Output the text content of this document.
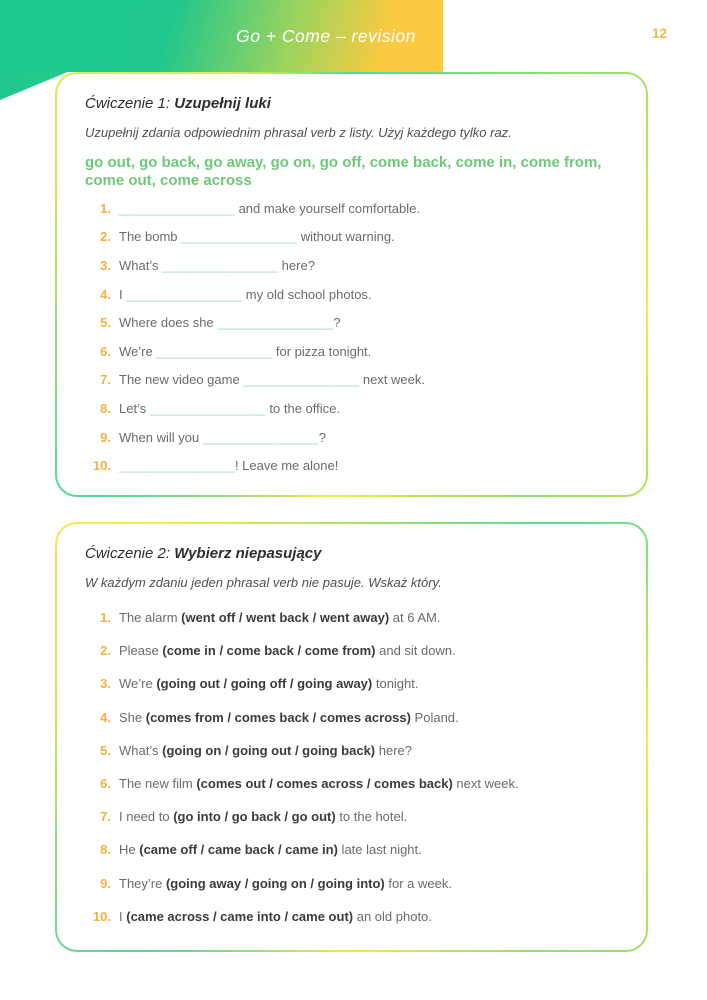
Go + Come – revision	12
Ćwiczenie 1: Uzupełnij luki
Uzupełnij zdania odpowiednim phrasal verb z listy. Użyj każdego tylko raz.
go out, go back, go away, go on, go off, come back, come in, come from, come out, come across
1. _______________ and make yourself comfortable.
2. The bomb _______________ without warning.
3. What’s _______________ here?
4. I _______________ my old school photos.
5. Where does she _______________?
6. We’re _______________ for pizza tonight.
7. The new video game _______________ next week.
8. Let’s _______________ to the office.
9. When will you _______________?
10. _______________! Leave me alone!
Ćwiczenie 2: Wybierz niepasujący
W każdym zdaniu jeden phrasal verb nie pasuje. Wskaż który.
1. The alarm (went off / went back / went away) at 6 AM.
2. Please (come in / come back / come from) and sit down.
3. We’re (going out / going off / going away) tonight.
4. She (comes from / comes back / comes across) Poland.
5. What’s (going on / going out / going back) here?
6. The new film (comes out / comes across / comes back) next week.
7. I need to (go into / go back / go out) to the hotel.
8. He (came off / came back / came in) late last night.
9. They’re (going away / going on / going into) for a week.
10. I (came across / came into / came out) an old photo.
